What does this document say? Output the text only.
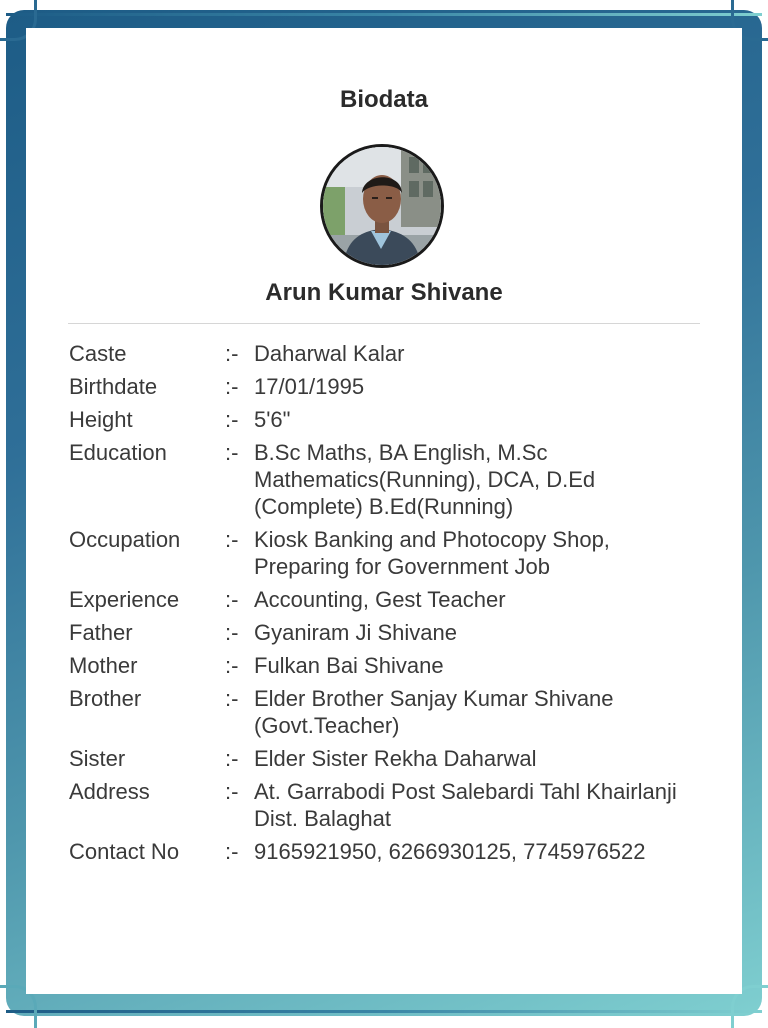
Biodata
Arun Kumar Shivane
Caste	:- Daharwal Kalar
Birthdate	:- 17/01/1995
Height	:- 5'6"
Education	:- B.Sc Maths, BA English, M.Sc Mathematics(Running), DCA, D.Ed (Complete) B.Ed(Running)
Occupation	:- Kiosk Banking and Photocopy Shop, Preparing for Government Job
Experience	:- Accounting, Gest Teacher
Father	:- Gyaniram Ji Shivane
Mother	:- Fulkan Bai Shivane
Brother	:- Elder Brother Sanjay Kumar Shivane (Govt.Teacher)
Sister	:- Elder Sister Rekha Daharwal
Address	:- At. Garrabodi Post Salebardi Tahl Khairlanji Dist. Balaghat
Contact No	:- 9165921950, 6266930125, 7745976522
